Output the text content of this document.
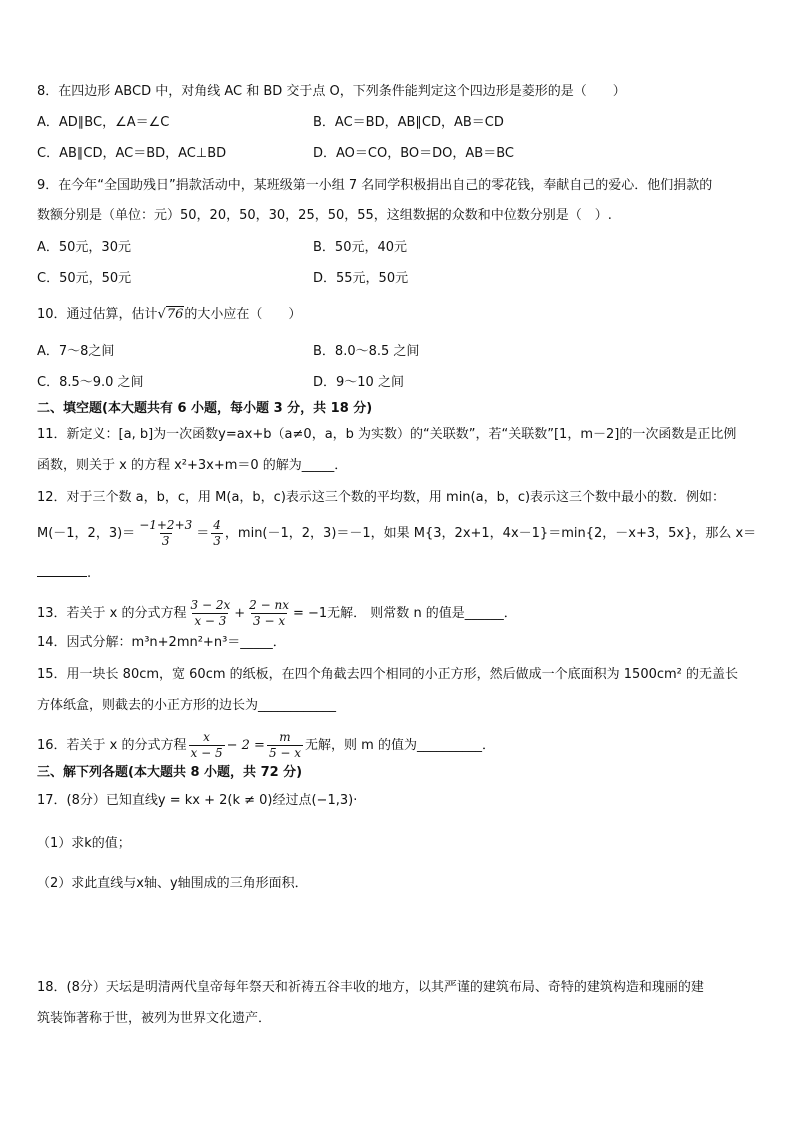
8．在四边形 ABCD 中，对角线 AC 和 BD 交于点 O，下列条件能判定这个四边形是菱形的是（　　）
A．AD∥BC，∠A＝∠C	B．AC＝BD，AB∥CD，AB＝CD
C．AB∥CD，AC＝BD，AC⊥BD	D．AO＝CO，BO＝DO，AB＝BC
9．在今年“全国助残日”捐款活动中，某班级第一小组 7 名同学积极捐出自己的零花钱，奉献自己的爱心．他们捐款的
数额分别是（单位：元）50，20，50，30，25，50，55，这组数据的众数和中位数分别是（　）.
A．50元，30元	B．50元，40元
C．50元，50元	D．55元，50元
10．通过估算，估计√76的大小应在（　　）
A．7～8之间	B．8.0～8.5 之间
C．8.5～9.0 之间	D．9～10 之间
二、填空题(本大题共有 6 小题，每小题 3 分，共 18 分)
11．新定义：[a, b]为一次函数y=ax+b（a≠0，a，b 为实数）的“关联数”，若“关联数”[1，m－2]的一次函数是正比例
函数，则关于 x 的方程 x²+3x+m＝0 的解为_____．
12．对于三个数 a，b，c，用 M(a，b，c)表示这三个数的平均数，用 min(a，b，c)表示这三个数中最小的数．例如：
M(－1，2，$3)= \frac{-1+2+3}{3} = \frac{4}{3}$ ，min(－1，2，3)＝－1，如果 M{3，2x+1，4x－1}＝min{2，－x+3，5x}，那么 x＝
.
13．若关于 x 的分式方程 $\frac{3 - 2x}{x - 3} + \frac{2 - nx}{3 - x} = -1$无解． 则常数 n 的值是______．
14．因式分解：m³n+2mn²+n³＝_____．
15．用一块长 80cm，宽 60cm 的纸板，在四个角截去四个相同的小正方形，然后做成一个底面积为 1500cm² 的无盖长
方体纸盒，则截去的小正方形的边长为____________
16．若关于 x 的分式方程 $\frac{x}{x - 5} - 2 = \frac{m}{5 - x}$ 无解，则 m 的值为__________．
三、解下列各题(本大题共 8 小题，共 72 分)
17．(8分）已知直线y = kx + 2(k ≠ 0)经过点(−1,3)·
（1）求k的值；
（2）求此直线与x轴、y轴围成的三角形面积．
18．(8分）天坛是明清两代皇帝每年祭天和祈祷五谷丰收的地方，以其严谨的建筑布局、奇特的建筑构造和瑰丽的建
筑装饰著称于世，被列为世界文化遗产．
